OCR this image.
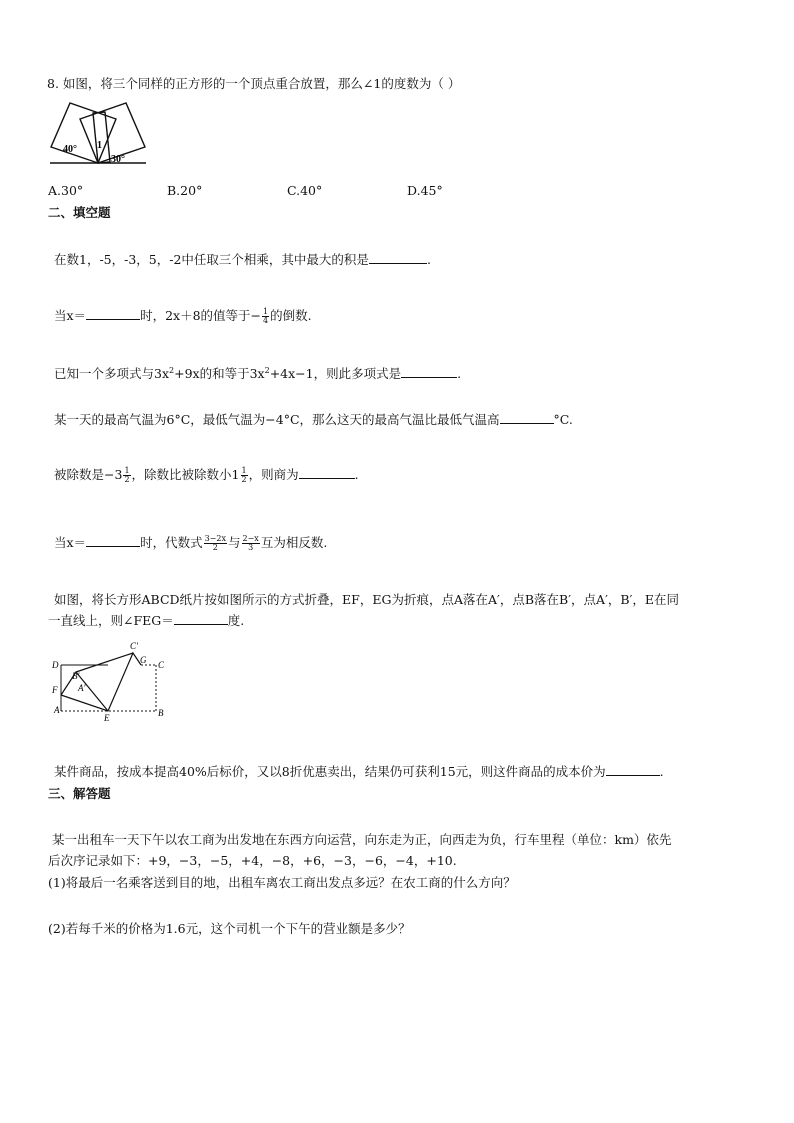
8. 如图，将三个同样的正方形的一个顶点重合放置，那么∠1的度数为（ ）
40°
30°
1
A.30°	B.20°	C.40°	D.45°
二、填空题
在数1，-5，-3，5，-2中任取三个相乘，其中最大的积是	.
当x＝	时，2x＋8的值等于− $\frac{1}{4}$ 的倒数.
已知一个多项式与$3x^2+9x$的和等于$3x^2+4x-1$，则此多项式是	.
某一天的最高气温为6°C，最低气温为−4°C，那么这天的最高气温比最低气温高	°C.
被除数是$-3 \frac{1}{2}$ ，除数比被除数小$1 \frac{1}{2}$ ，则商为	.
当x＝	时，代数式 $\frac{3-2x}{2}$ 与 $\frac{2-x}{3}$ 互为相反数.
如图，将长方形ABCD纸片按如图所示的方式折叠，EF，EG为折痕，点A落在A′，点B落在B′，点A′，B′，E在同
一直线上，则∠FEG＝	度.
C′
G C
D
B′
A′
F
A
E	B
某件商品，按成本提高40%后标价，又以8折优惠卖出，结果仍可获利15元，则这件商品的成本价为	.
三、解答题
某一出租车一天下午以农工商为出发地在东西方向运营，向东走为正，向西走为负，行车里程（单位：km）依先
后次序记录如下：+9，−3，−5，+4，−8，+6，−3，−6，−4，+10.
(1)将最后一名乘客送到目的地，出租车离农工商出发点多远？在农工商的什么方向？
(2)若每千米的价格为1.6元，这个司机一个下午的营业额是多少？
